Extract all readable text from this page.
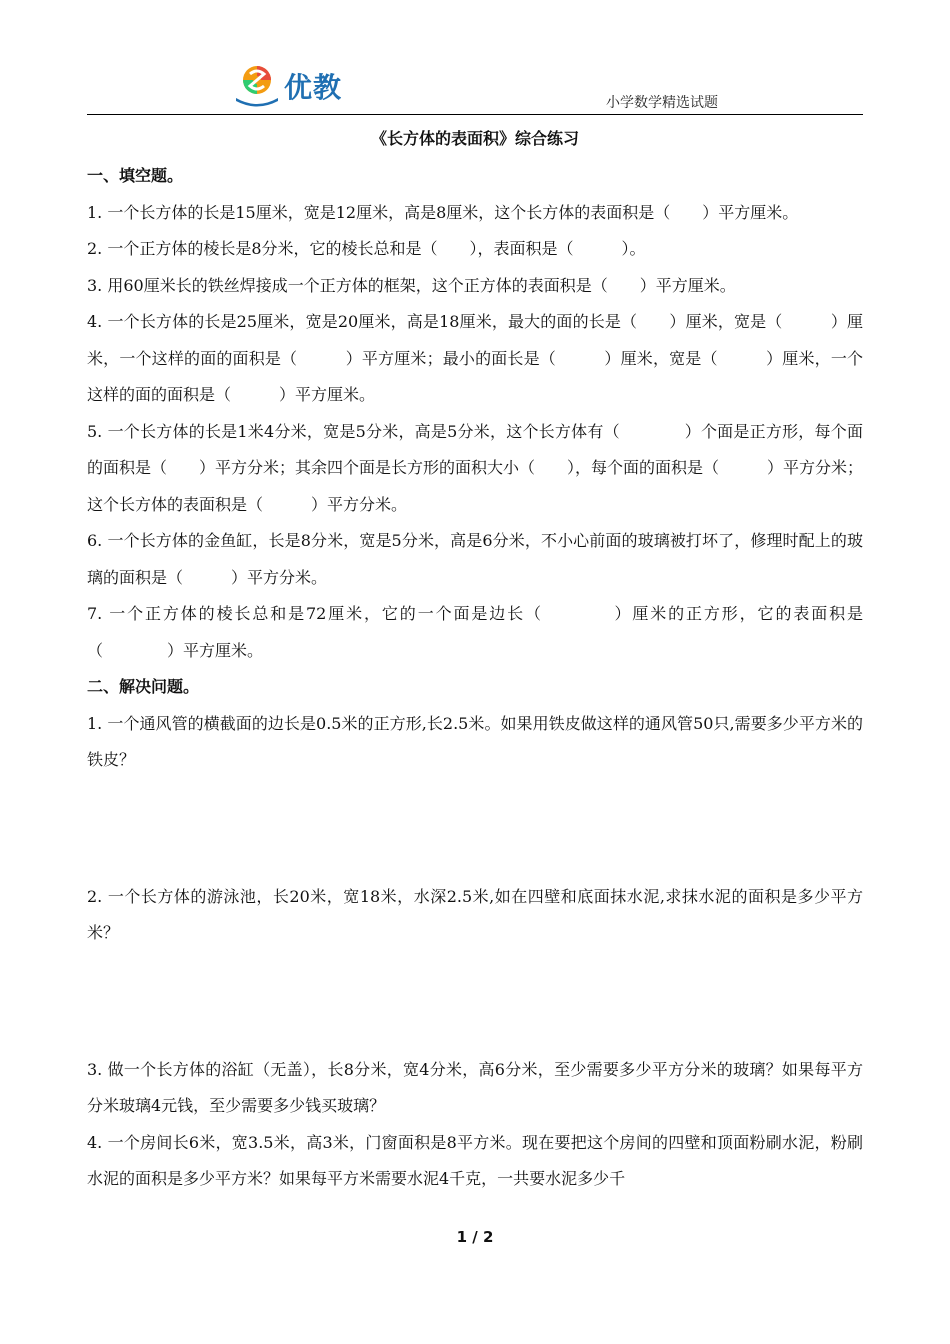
优教	小学数学精选试题
《长方体的表面积》综合练习
一、填空题。
1. 一个长方体的长是15厘米，宽是12厘米，高是8厘米，这个长方体的表面积是（　　）平方厘米。
2. 一个正方体的棱长是8分米，它的棱长总和是（　　），表面积是（　　　）。
3. 用60厘米长的铁丝焊接成一个正方体的框架，这个正方体的表面积是（　　）平方厘米。
4. 一个长方体的长是25厘米，宽是20厘米，高是18厘米，最大的面的长是（　　）厘米，宽是（　　　）厘米，一个这样的面的面积是（　　　）平方厘米；最小的面长是（　　　）厘米，宽是（　　　）厘米，一个这样的面的面积是（　　　）平方厘米。
5. 一个长方体的长是1米4分米，宽是5分米，高是5分米，这个长方体有（　　　　）个面是正方形，每个面的面积是（　　）平方分米；其余四个面是长方形的面积大小（　　），每个面的面积是（　　　）平方分米；这个长方体的表面积是（　　　）平方分米。
6. 一个长方体的金鱼缸，长是8分米，宽是5分米，高是6分米，不小心前面的玻璃被打坏了，修理时配上的玻璃的面积是（　　　）平方分米。
7. 一个正方体的棱长总和是72厘米，它的一个面是边长（　　　　）厘米的正方形，它的表面积是（　　　　）平方厘米。
二、解决问题。
1. 一个通风管的横截面的边长是0.5米的正方形,长2.5米。如果用铁皮做这样的通风管50只,需要多少平方米的铁皮？
2. 一个长方体的游泳池，长20米，宽18米，水深2.5米,如在四壁和底面抹水泥,求抹水泥的面积是多少平方米？
3. 做一个长方体的浴缸（无盖），长8分米，宽4分米，高6分米，至少需要多少平方分米的玻璃？如果每平方分米玻璃4元钱，至少需要多少钱买玻璃？
4. 一个房间长6米，宽3.5米，高3米，门窗面积是8平方米。现在要把这个房间的四壁和顶面粉刷水泥，粉刷水泥的面积是多少平方米？如果每平方米需要水泥4千克，一共要水泥多少千
1 / 2
